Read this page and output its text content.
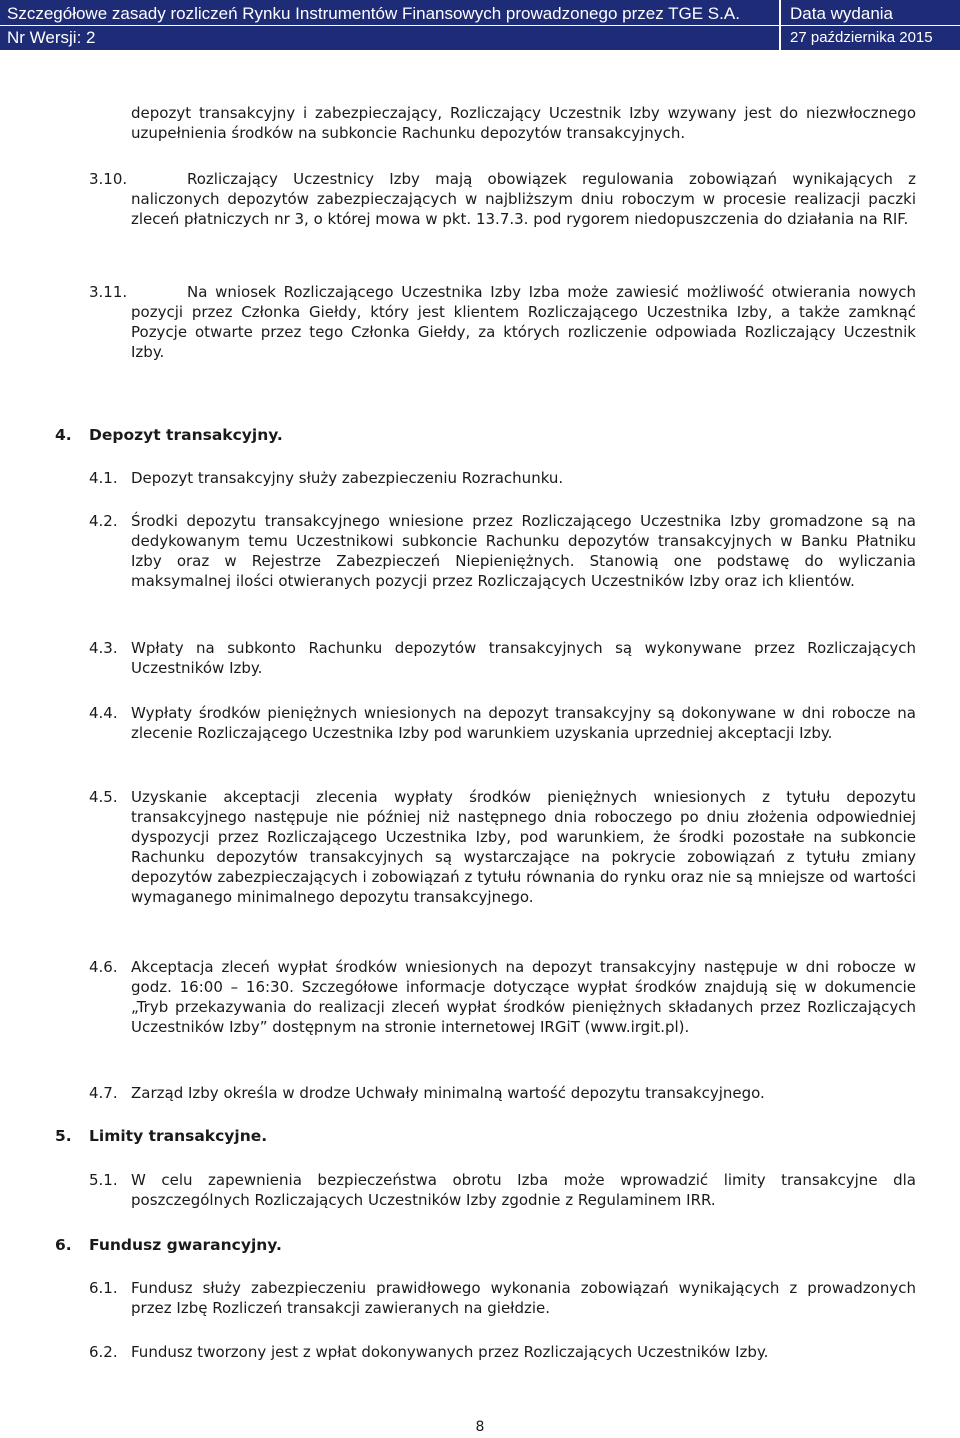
Szczegółowe zasady rozliczeń Rynku Instrumentów Finansowych prowadzonego przez TGE S.A.
Nr Wersji: 2
Data wydania
27 października 2015
depozyt transakcyjny i zabezpieczający, Rozliczający Uczestnik Izby wzywany jest do niezwłocznego uzupełnienia środków na subkoncie Rachunku depozytów transakcyjnych.
3.10.	Rozliczający Uczestnicy Izby mają obowiązek regulowania zobowiązań wynikających z naliczonych depozytów zabezpieczających w najbliższym dniu roboczym w procesie realizacji paczki zleceń płatniczych nr 3, o której mowa w pkt. 13.7.3. pod rygorem niedopuszczenia do działania na RIF.
3.11.	Na wniosek Rozliczającego Uczestnika Izby Izba może zawiesić możliwość otwierania nowych pozycji przez Członka Giełdy, który jest klientem Rozliczającego Uczestnika Izby, a także zamknąć Pozycje otwarte przez tego Członka Giełdy, za których rozliczenie odpowiada Rozliczający Uczestnik Izby.
4. Depozyt transakcyjny.
4.1. Depozyt transakcyjny służy zabezpieczeniu Rozrachunku.
4.2. Środki depozytu transakcyjnego wniesione przez Rozliczającego Uczestnika Izby gromadzone są na dedykowanym temu Uczestnikowi subkoncie Rachunku depozytów transakcyjnych w Banku Płatniku Izby oraz w Rejestrze Zabezpieczeń Niepieniężnych. Stanowią one podstawę do wyliczania maksymalnej ilości otwieranych pozycji przez Rozliczających Uczestników Izby oraz ich klientów.
4.3. Wpłaty na subkonto Rachunku depozytów transakcyjnych są wykonywane przez Rozliczających Uczestników Izby.
4.4. Wypłaty środków pieniężnych wniesionych na depozyt transakcyjny są dokonywane w dni robocze na zlecenie Rozliczającego Uczestnika Izby pod warunkiem uzyskania uprzedniej akceptacji Izby.
4.5. Uzyskanie akceptacji zlecenia wypłaty środków pieniężnych wniesionych z tytułu depozytu transakcyjnego następuje nie później niż następnego dnia roboczego po dniu złożenia odpowiedniej dyspozycji przez Rozliczającego Uczestnika Izby, pod warunkiem, że środki pozostałe na subkoncie Rachunku depozytów transakcyjnych są wystarczające na pokrycie zobowiązań z tytułu zmiany depozytów zabezpieczających i zobowiązań z tytułu równania do rynku oraz nie są mniejsze od wartości wymaganego minimalnego depozytu transakcyjnego.
4.6. Akceptacja zleceń wypłat środków wniesionych na depozyt transakcyjny następuje w dni robocze w godz. 16:00 – 16:30. Szczegółowe informacje dotyczące wypłat środków znajdują się w dokumencie „Tryb przekazywania do realizacji zleceń wypłat środków pieniężnych składanych przez Rozliczających Uczestników Izby” dostępnym na stronie internetowej IRGiT (www.irgit.pl).
4.7. Zarząd Izby określa w drodze Uchwały minimalną wartość depozytu transakcyjnego.
5. Limity transakcyjne.
5.1. W celu zapewnienia bezpieczeństwa obrotu Izba może wprowadzić limity transakcyjne dla poszczególnych Rozliczających Uczestników Izby zgodnie z Regulaminem IRR.
6. Fundusz gwarancyjny.
6.1. Fundusz służy zabezpieczeniu prawidłowego wykonania zobowiązań wynikających z prowadzonych przez Izbę Rozliczeń transakcji zawieranych na giełdzie.
6.2. Fundusz tworzony jest z wpłat dokonywanych przez Rozliczających Uczestników Izby.
8
